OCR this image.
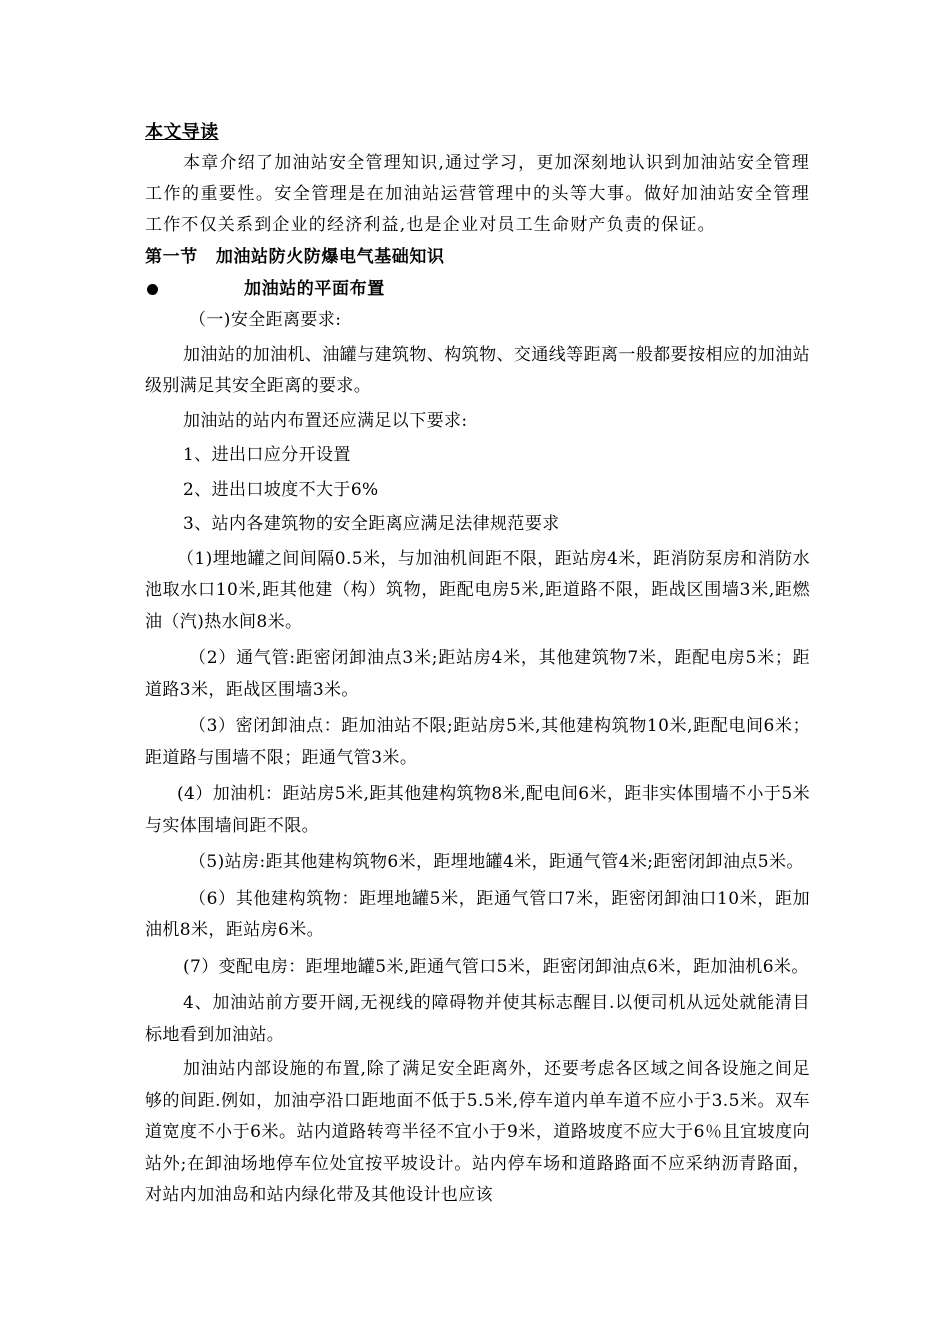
本文导读

本章介绍了加油站安全管理知识,通过学习，更加深刻地认识到加油站安全管理工作的重要性。安全管理是在加油站运营管理中的头等大事。做好加油站安全管理工作不仅关系到企业的经济利益,也是企业对员工生命财产负责的保证。

第一节 加油站防火防爆电气基础知识

加油站的平面布置

（一)安全距离要求:

加油站的加油机、油罐与建筑物、构筑物、交通线等距离一般都要按相应的加油站级别满足其安全距离的要求。

加油站的站内布置还应满足以下要求:

1、进出口应分开设置

2、进出口坡度不大于6%

3、站内各建筑物的安全距离应满足法律规范要求

（1)埋地罐之间间隔0.5米，与加油机间距不限，距站房4米，距消防泵房和消防水池取水口10米,距其他建（构）筑物，距配电房5米,距道路不限，距战区围墙3米,距燃油（汽)热水间8米。

（2）通气管:距密闭卸油点3米;距站房4米，其他建筑物7米，距配电房5米；距道路3米，距战区围墙3米。

（3）密闭卸油点：距加油站不限;距站房5米,其他建构筑物10米,距配电间6米；距道路与围墙不限；距通气管3米。

(4）加油机：距站房5米,距其他建构筑物8米,配电间6米，距非实体围墙不小于5米与实体围墙间距不限。

（5)站房:距其他建构筑物6米，距埋地罐4米，距通气管4米;距密闭卸油点5米。

（6）其他建构筑物：距埋地罐5米，距通气管口7米，距密闭卸油口10米，距加油机8米，距站房6米。

(7）变配电房：距埋地罐5米,距通气管口5米，距密闭卸油点6米，距加油机6米。

4、加油站前方要开阔,无视线的障碍物并使其标志醒目.以便司机从远处就能清目标地看到加油站。

加油站内部设施的布置,除了满足安全距离外，还要考虑各区域之间各设施之间足够的间距.例如，加油亭沿口距地面不低于5.5米,停车道内单车道不应小于3.5米。双车道宽度不小于6米。站内道路转弯半径不宜小于9米，道路坡度不应大于6％且宜坡度向站外;在卸油场地停车位处宜按平坡设计。站内停车场和道路路面不应采纳沥青路面，对站内加油岛和站内绿化带及其他设计也应该
